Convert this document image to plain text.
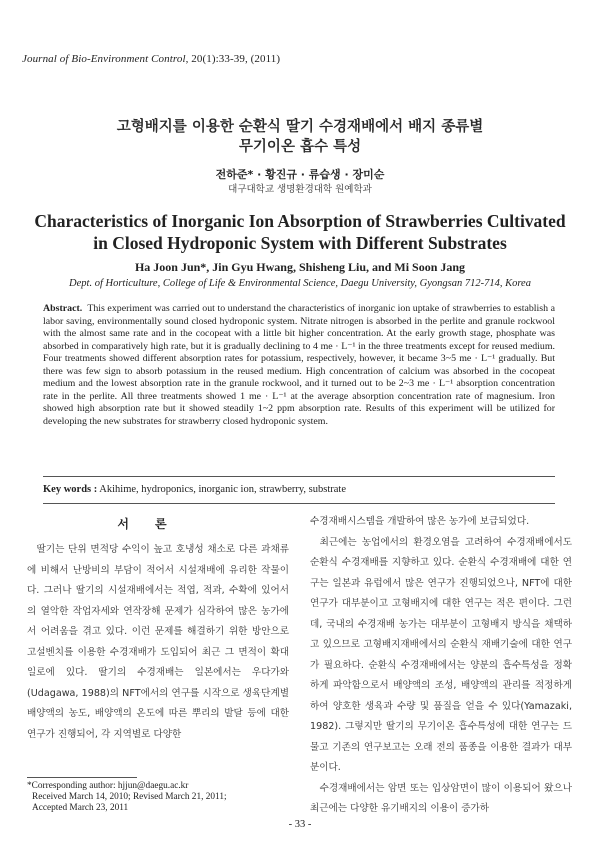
Journal of Bio-Environment Control, 20(1):33-39, (2011)
고형배지를 이용한 순환식 딸기 수경재배에서 배지 종류별
무기이온 흡수 특성
전하준* · 황진규 · 류습생 · 장미순
대구대학교 생명환경대학 원예학과
Characteristics of Inorganic Ion Absorption of Strawberries Cultivated
in Closed Hydroponic System with Different Substrates
Ha Joon Jun*, Jin Gyu Hwang, Shisheng Liu, and Mi Soon Jang
Dept. of Horticulture, College of Life & Environmental Science, Daegu University, Gyongsan 712-714, Korea
Abstract. This experiment was carried out to understand the characteristics of inorganic ion uptake of strawberries to establish a labor saving, environmentally sound closed hydroponic system. Nitrate nitrogen is absorbed in the perlite and granule rockwool with the almost same rate and in the cocopeat with a little bit higher concentration. At the early growth stage, phosphate was absorbed in comparatively high rate, but it is gradually declining to 4 me · L⁻¹ in the three treatments except for reused medium. Four treatments showed different absorption rates for potassium, respectively, however, it became 3~5 me · L⁻¹ gradually. But there was few sign to absorb potassium in the reused medium. High concentration of calcium was absorbed in the cocopeat medium and the lowest absorption rate in the granule rockwool, and it turned out to be 2~3 me · L⁻¹ absorption concentration rate in the perlite. All three treatments showed 1 me · L⁻¹ at the average absorption concentration rate of magnesium. Iron showed high absorption rate but it showed steadily 1~2 ppm absorption rate. Results of this experiment will be utilized for developing the new substrates for strawberry closed hydroponic system.
Key words : Akihime, hydroponics, inorganic ion, strawberry, substrate
서론

딸기는 단위 면적당 수익이 높고 호냉성 채소로 다른 과채류에 비해서 난방비의 부담이 적어서 시설재배에 유리한 작물이다. 그러나 딸기의 시설재배에서는 적엽, 적과, 수확에 있어서의 열악한 작업자세와 연작장해 문제가 심각하여 많은 농가에서 어려움을 겪고 있다. 이런 문제를 해결하기 위한 방안으로 고설벤치를 이용한 수경재배가 도입되어 최근 그 면적이 확대일로에 있다. 딸기의 수경재배는 일본에서는 우다가와 (Udagawa, 1988)의 NFT에서의 연구를 시작으로 생육단계별 배양액의 농도, 배양액의 온도에 따른 뿌리의 발달 등에 대한 연구가 진행되어, 각 지역별로 다양한

수경재배시스템을 개발하여 많은 농가에 보급되었다.

최근에는 농업에서의 환경오염을 고려하여 수경재배에서도 순환식 수경재배를 지향하고 있다. 순환식 수경재배에 대한 연구는 일본과 유럽에서 많은 연구가 진행되었으나, NFT에 대한 연구가 대부분이고 고형배지에 대한 연구는 적은 편이다. 그런데, 국내의 수경재배 농가는 대부분이 고형배지 방식을 채택하고 있으므로 고형배지재배에서의 순환식 재배기술에 대한 연구가 필요하다. 순환식 수경재배에서는 양분의 흡수특성을 정확하게 파악함으로서 배양액의 조성, 배양액의 관리를 적정하게 하여 양호한 생육과 수량 및 품질을 얻을 수 있다(Yamazaki, 1982). 그렇지만 딸기의 무기이온 흡수특성에 대한 연구는 드물고 기존의 연구보고는 오래 전의 품종을 이용한 결과가 대부분이다.

수경재배에서는 암면 또는 입상암면이 많이 이용되어 왔으나 최근에는 다양한 유기배지의 이용이 증가하

*Corresponding author: hjjun@daegu.ac.kr
Received March 14, 2010; Revised March 21, 2011;
Accepted March 23, 2011
- 33 -
